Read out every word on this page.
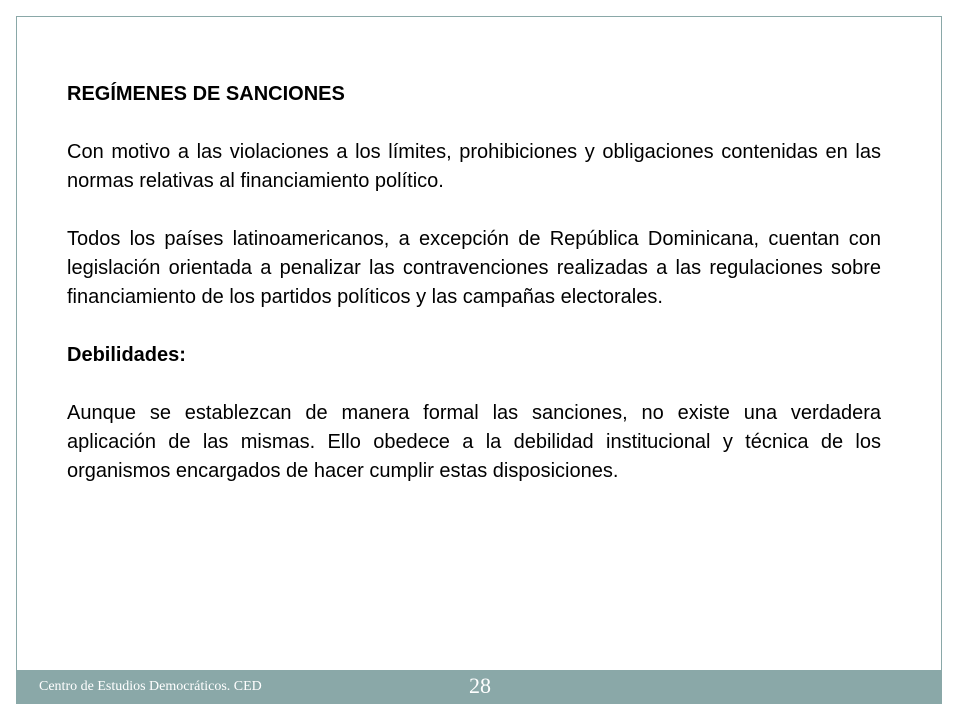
REGÍMENES DE SANCIONES

Con motivo a las violaciones a los límites, prohibiciones y obligaciones contenidas en las normas relativas al financiamiento político.

Todos los países latinoamericanos, a excepción de República Dominicana, cuentan con legislación orientada a penalizar las contravenciones realizadas a las regulaciones sobre financiamiento de los partidos políticos y las campañas electorales.

Debilidades:

Aunque se establezcan de manera formal las sanciones, no existe una verdadera aplicación de las mismas. Ello obedece a la debilidad institucional y técnica de los organismos encargados de hacer cumplir estas disposiciones.

Centro de Estudios Democráticos. CED	28
